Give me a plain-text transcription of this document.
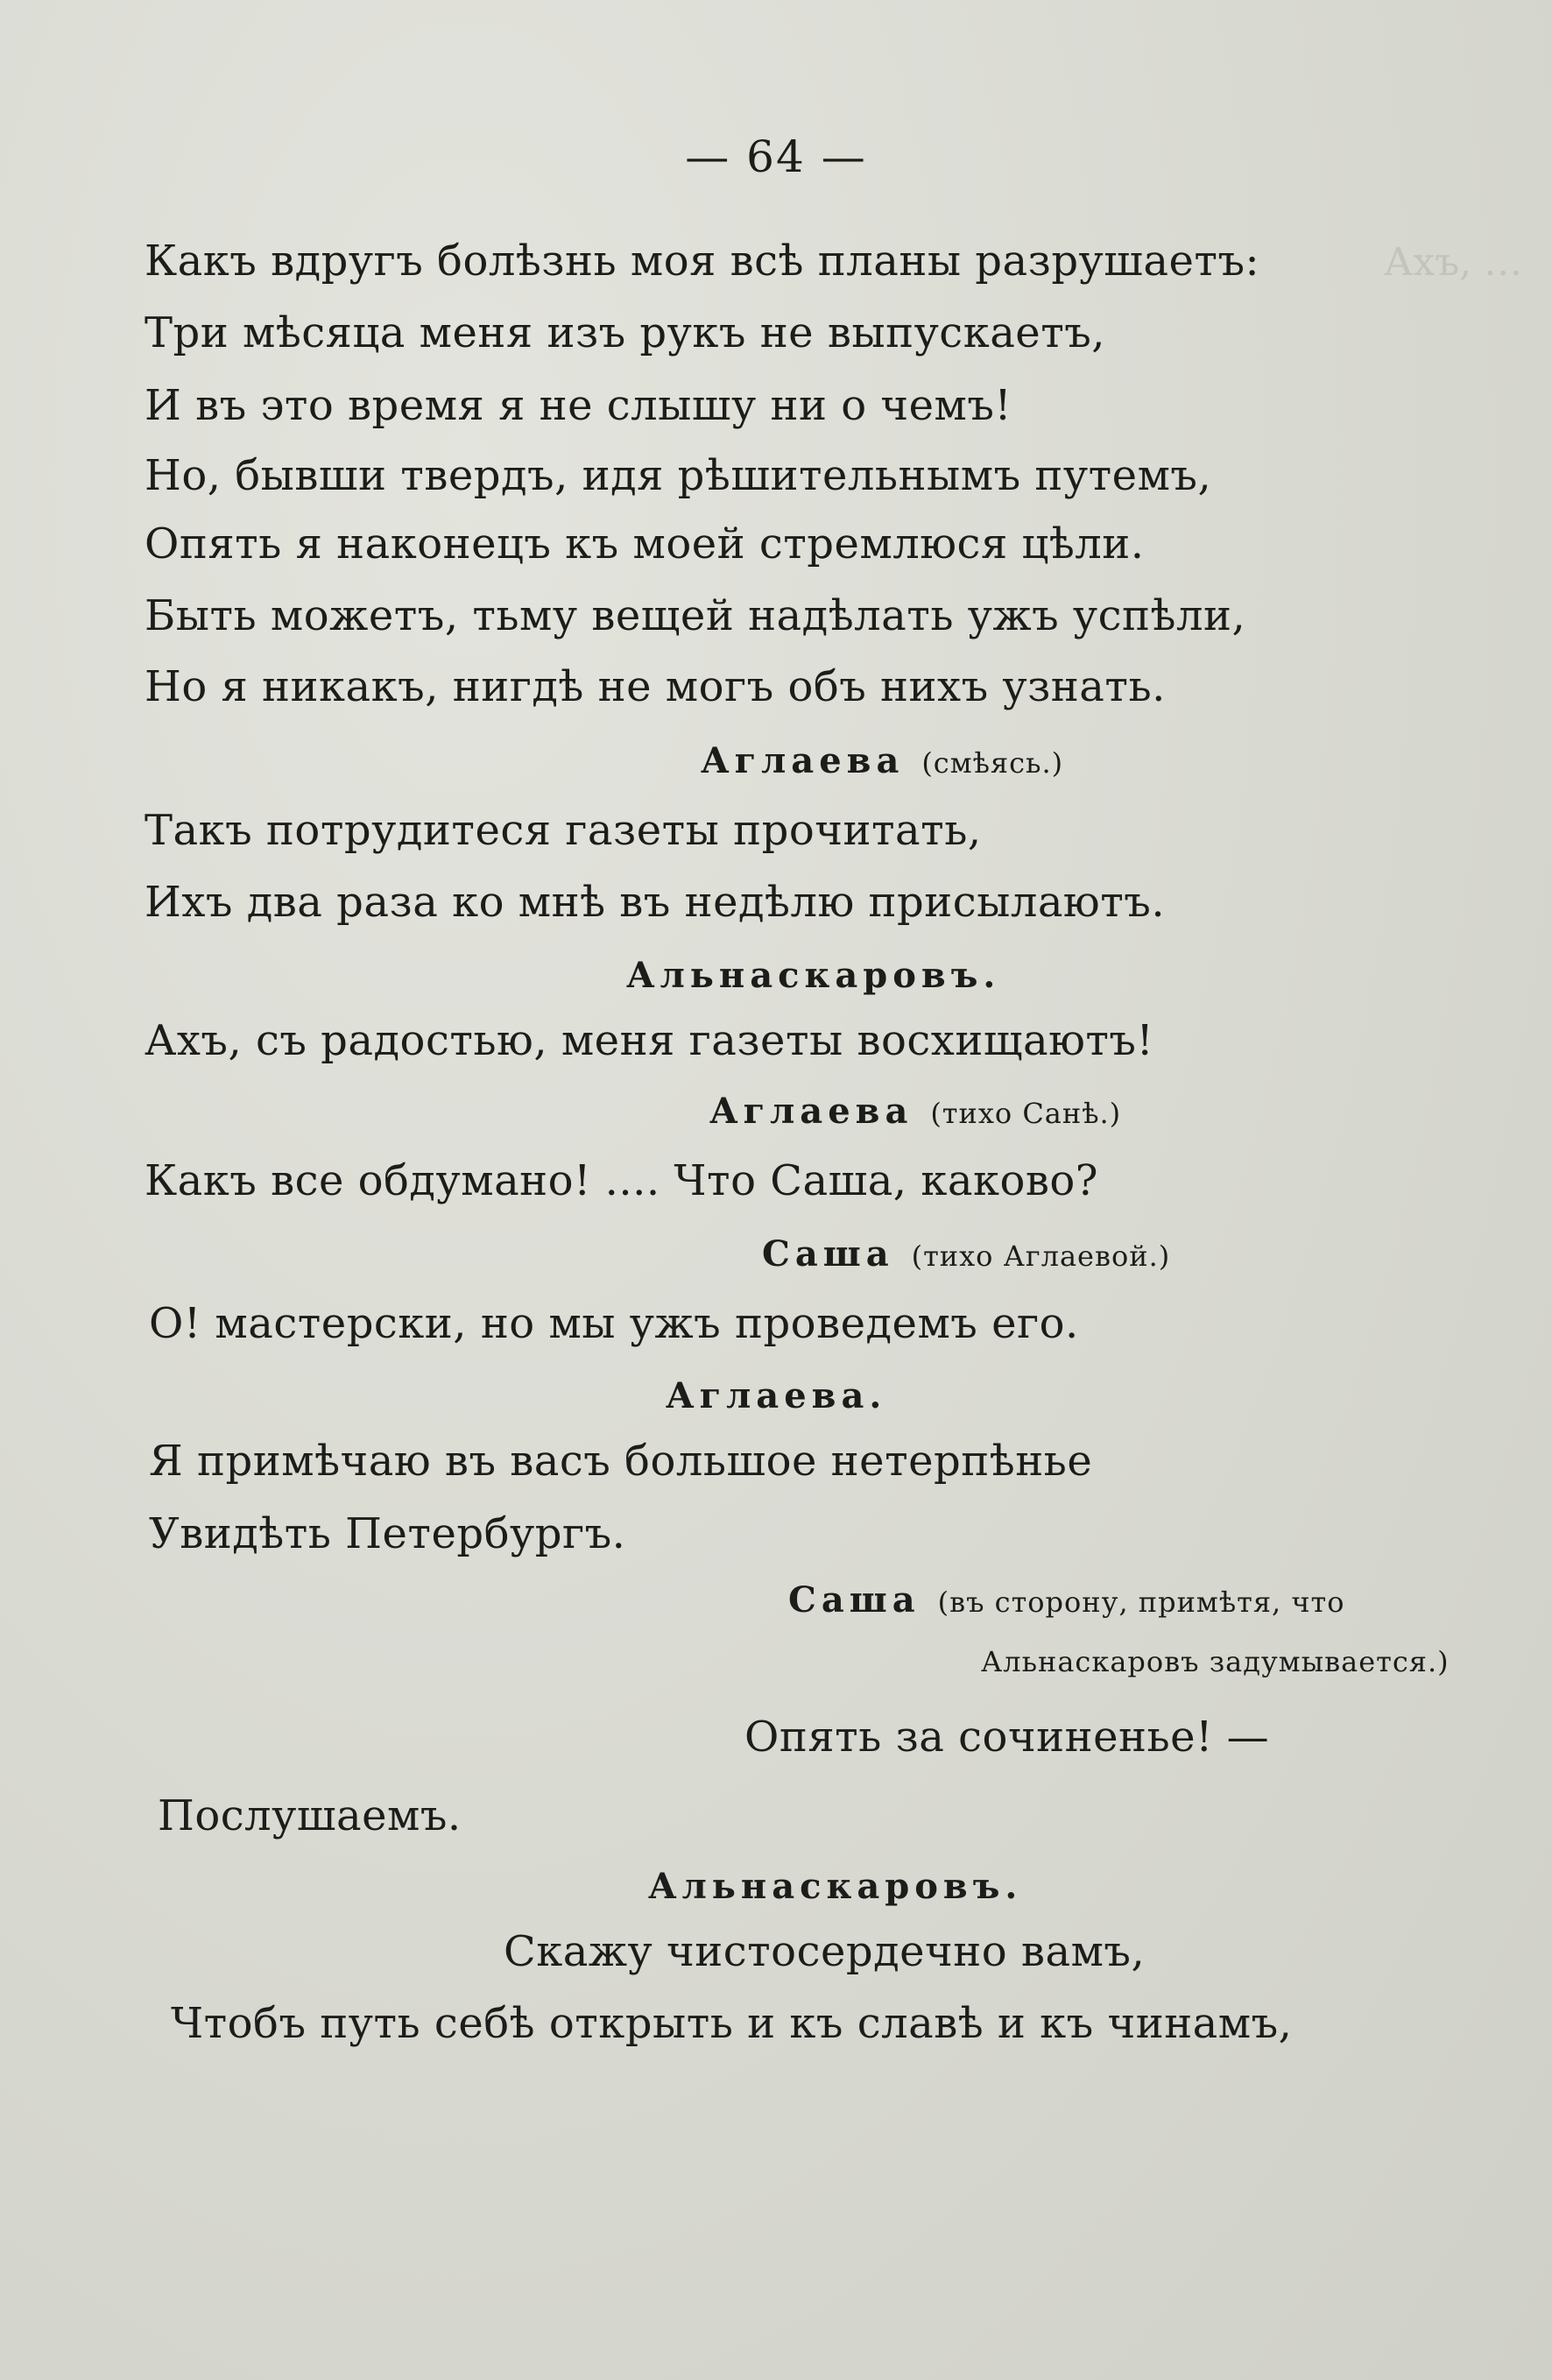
Ахъ, …
— 64 —
Какъ вдругъ болѣзнь моя всѣ планы разрушаетъ:
Три мѣсяца меня изъ рукъ не выпускаетъ,
И въ это время я не слышу ни о чемъ!
Но, бывши твердъ, идя рѣшительнымъ путемъ,
Опять я наконецъ къ моей стремлюся цѣли.
Быть можетъ, тьму вещей надѣлать ужъ успѣли,
Но я никакъ, нигдѣ не могъ объ нихъ узнать.
Аглаева (смѣясь.)
Такъ потрудитеся газеты прочитать,
Ихъ два раза ко мнѣ въ недѣлю присылаютъ.
Альнаскаровъ.
Ахъ, съ радостью, меня газеты восхищаютъ!
Аглаева (тихо Санѣ.)
Какъ все обдумано! .... Что Саша, каково?
Саша (тихо Аглаевой.)
О! мастерски, но мы ужъ проведемъ его.
Аглаева.
Я примѣчаю въ васъ большое нетерпѣнье
Увидѣть Петербургъ.
Саша (въ сторону, примѣтя, что
Альнаскаровъ задумывается.)
Опять за сочиненье! —
Послушаемъ.
Альнаскаровъ.
Скажу чистосердечно вамъ,
Чтобъ путь себѣ открыть и къ славѣ и къ чинамъ,
